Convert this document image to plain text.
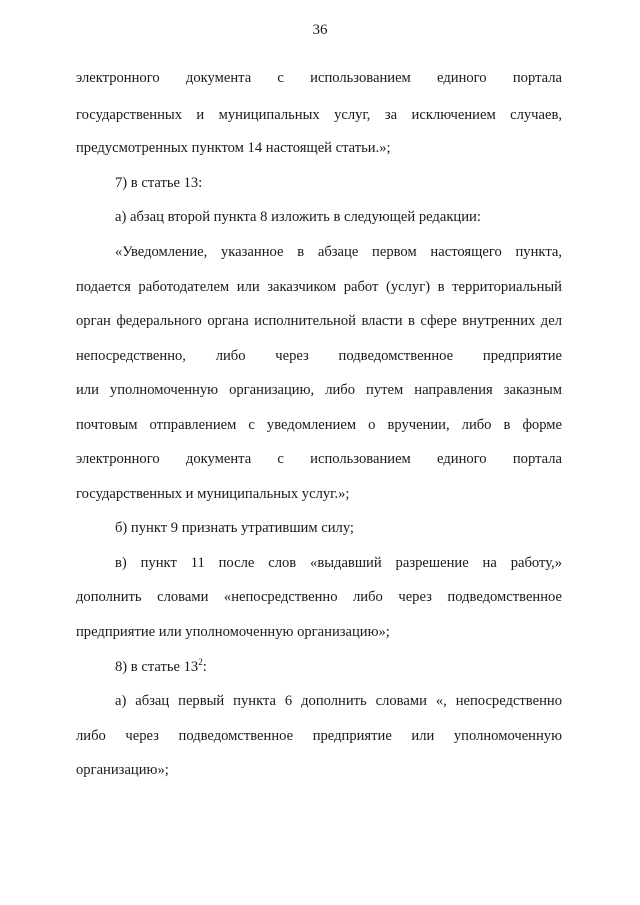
36
электронного документа с использованием единого портала
государственных и муниципальных услуг, за исключением случаев,
предусмотренных пунктом 14 настоящей статьи.»;
7) в статье 13:
а) абзац второй пункта 8 изложить в следующей редакции:
«Уведомление, указанное в абзаце первом настоящего пункта,
подается работодателем или заказчиком работ (услуг) в территориальный
орган федерального органа исполнительной власти в сфере внутренних дел
непосредственно, либо через подведомственное предприятие
или уполномоченную организацию, либо путем направления заказным
почтовым отправлением с уведомлением о вручении, либо в форме
электронного документа с использованием единого портала
государственных и муниципальных услуг.»;
б) пункт 9 признать утратившим силу;
в) пункт 11 после слов «выдавший разрешение на работу,»
дополнить словами «непосредственно либо через подведомственное
предприятие или уполномоченную организацию»;
8) в статье $13^2$:
а) абзац первый пункта 6 дополнить словами «, непосредственно
либо через подведомственное предприятие или уполномоченную
организацию»;
